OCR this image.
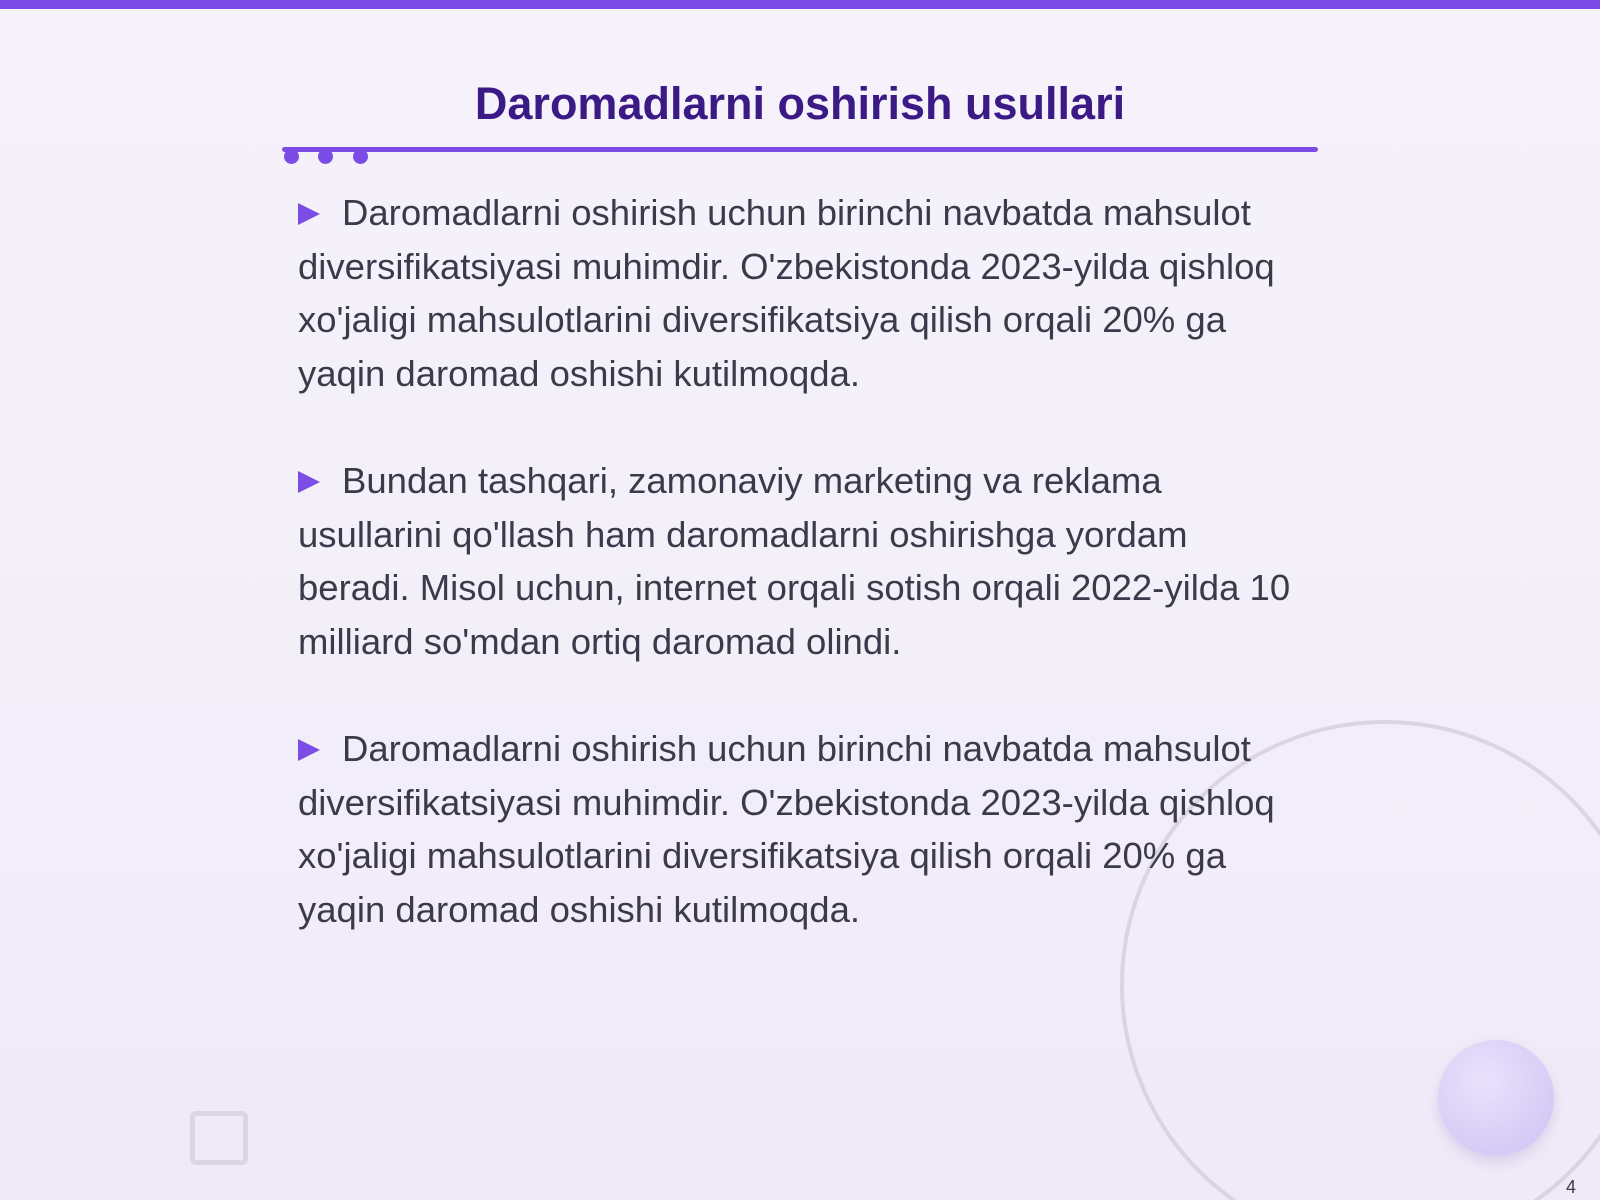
Daromadlarni oshirish usullari

Daromadlarni oshirish uchun birinchi navbatda mahsulot diversifikatsiyasi muhimdir. O'zbekistonda 2023-yilda qishloq xo'jaligi mahsulotlarini diversifikatsiya qilish orqali 20% ga yaqin daromad oshishi kutilmoqda.

Bundan tashqari, zamonaviy marketing va reklama usullarini qo'llash ham daromadlarni oshirishga yordam beradi. Misol uchun, internet orqali sotish orqali 2022-yilda 10 milliard so'mdan ortiq daromad olindi.

Daromadlarni oshirish uchun birinchi navbatda mahsulot diversifikatsiyasi muhimdir. O'zbekistonda 2023-yilda qishloq xo'jaligi mahsulotlarini diversifikatsiya qilish orqali 20% ga yaqin daromad oshishi kutilmoqda.

4
